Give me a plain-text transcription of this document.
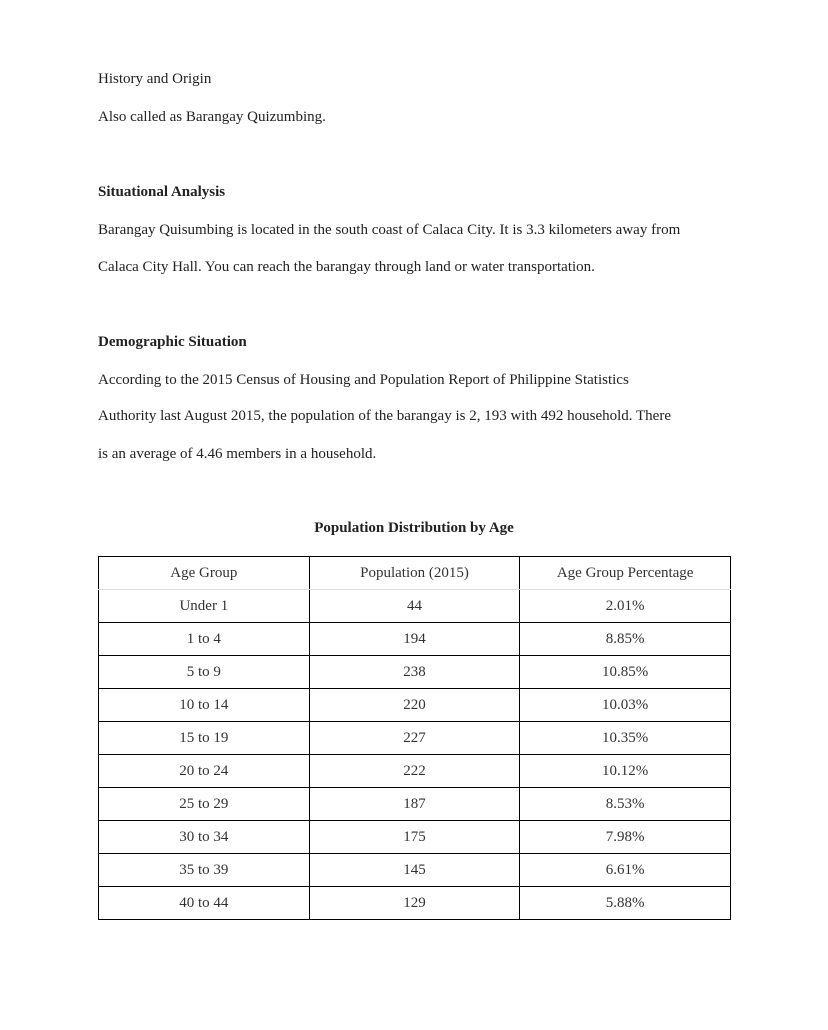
History and Origin
Also called as Barangay Quizumbing.
Situational Analysis
Barangay Quisumbing is located in the south coast of Calaca City. It is 3.3 kilometers away from
Calaca City Hall. You can reach the barangay through land or water transportation.
Demographic Situation
According to the 2015 Census of Housing and Population Report of Philippine Statistics
Authority last August 2015, the population of the barangay is 2, 193 with 492 household. There
is an average of 4.46 members in a household.
Population Distribution by Age
Age Group	Population (2015)	Age Group Percentage
Under 1	44	2.01%
1 to 4	194	8.85%
5 to 9	238	10.85%
10 to 14	220	10.03%
15 to 19	227	10.35%
20 to 24	222	10.12%
25 to 29	187	8.53%
30 to 34	175	7.98%
35 to 39	145	6.61%
40 to 44	129	5.88%
